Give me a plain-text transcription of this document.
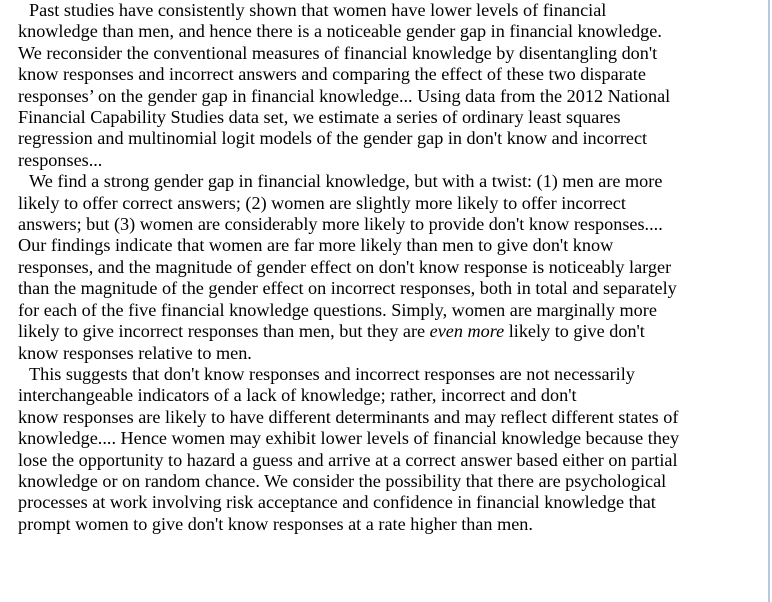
Past studies have consistently shown that women have lower levels of financial
knowledge than men, and hence there is a noticeable gender gap in financial knowledge.
We reconsider the conventional measures of financial knowledge by disentangling don't
know responses and incorrect answers and comparing the effect of these two disparate
responses’ on the gender gap in financial knowledge... Using data from the 2012 National
Financial Capability Studies data set, we estimate a series of ordinary least squares
regression and multinomial logit models of the gender gap in don't know and incorrect
responses...
We find a strong gender gap in financial knowledge, but with a twist: (1) men are more
likely to offer correct answers; (2) women are slightly more likely to offer incorrect
answers; but (3) women are considerably more likely to provide don't know responses....
Our findings indicate that women are far more likely than men to give don't know
responses, and the magnitude of gender effect on don't know response is noticeably larger
than the magnitude of the gender effect on incorrect responses, both in total and separately
for each of the five financial knowledge questions. Simply, women are marginally more
likely to give incorrect responses than men, but they are even more likely to give don't
know responses relative to men.
This suggests that don't know responses and incorrect responses are not necessarily
interchangeable indicators of a lack of knowledge; rather, incorrect and don't
know responses are likely to have different determinants and may reflect different states of
knowledge.... Hence women may exhibit lower levels of financial knowledge because they
lose the opportunity to hazard a guess and arrive at a correct answer based either on partial
knowledge or on random chance. We consider the possibility that there are psychological
processes at work involving risk acceptance and confidence in financial knowledge that
prompt women to give don't know responses at a rate higher than men.
